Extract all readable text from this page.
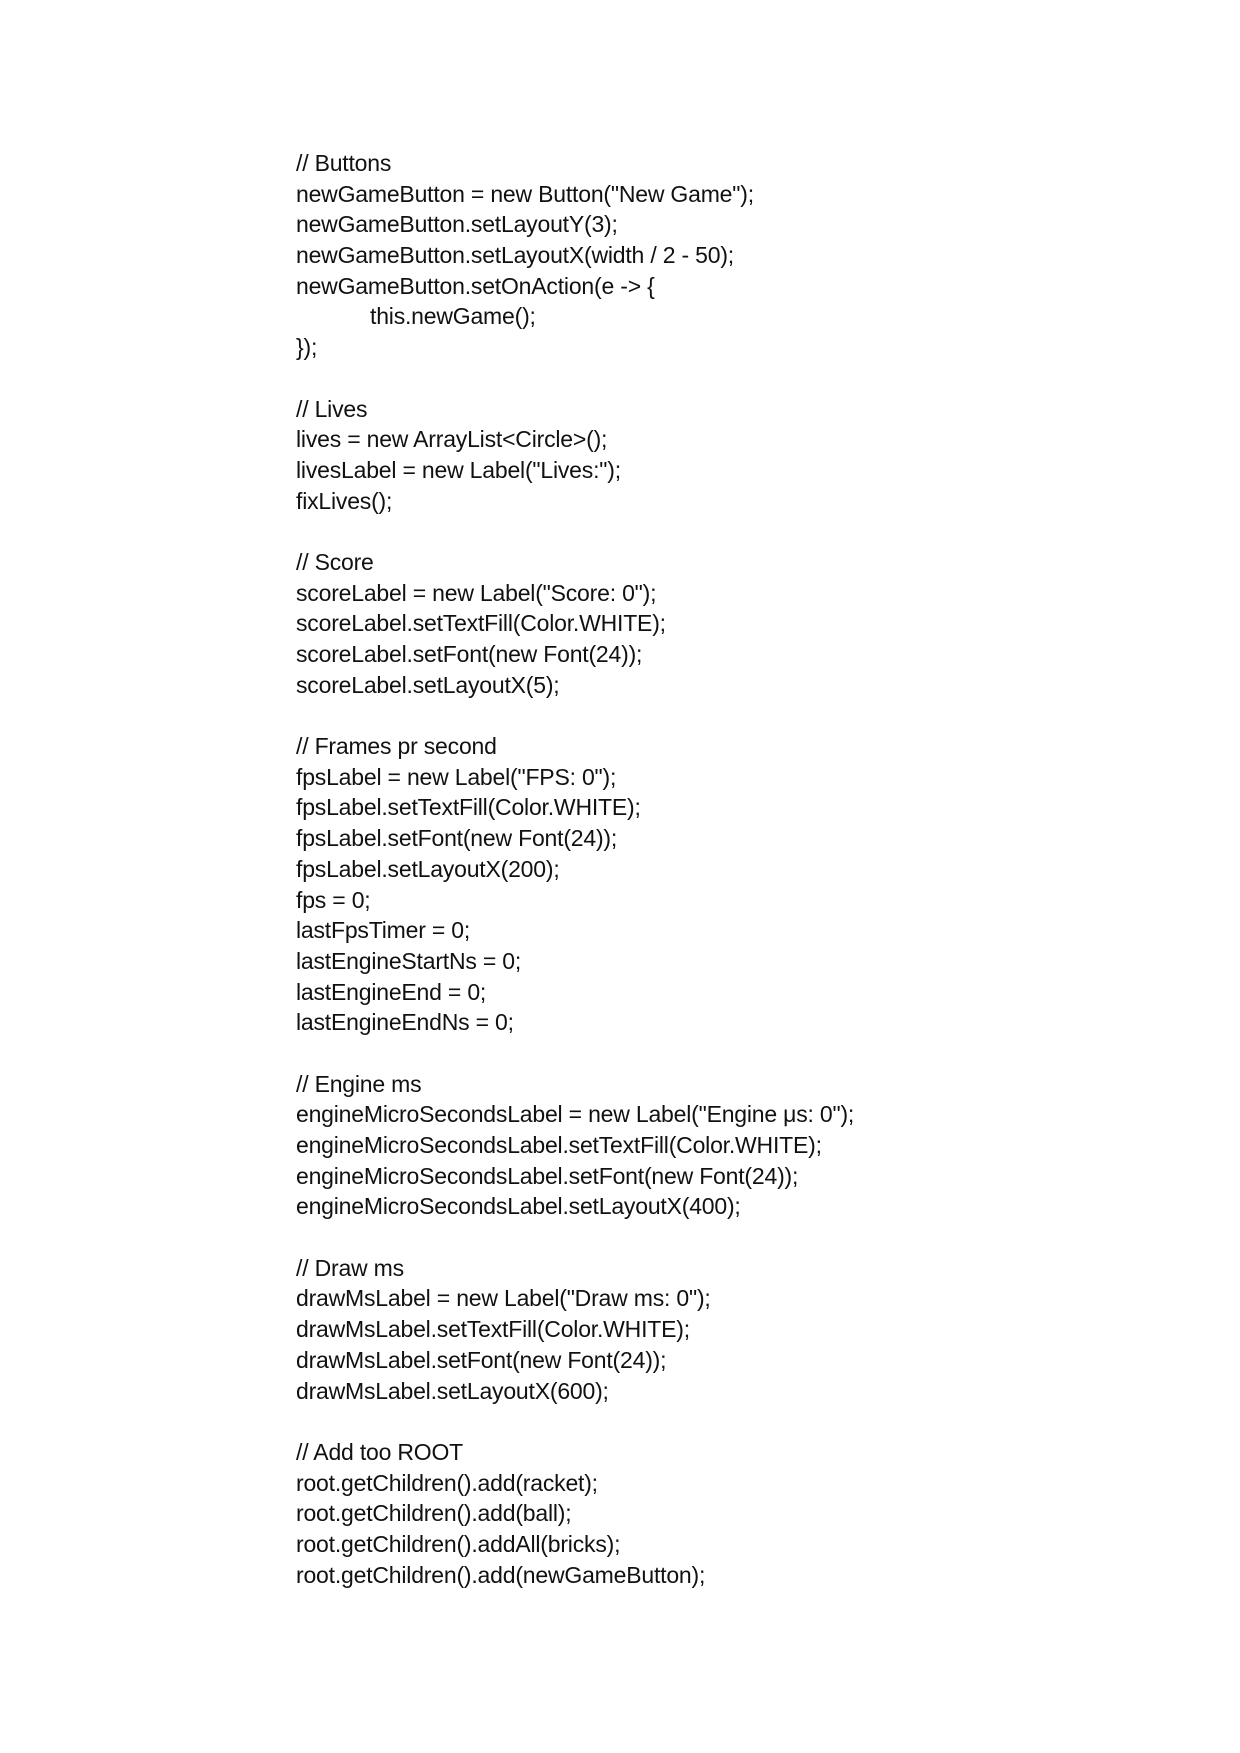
// Buttons
newGameButton = new Button("New Game");
newGameButton.setLayoutY(3);
newGameButton.setLayoutX(width / 2 - 50);
newGameButton.setOnAction(e -> {
this.newGame();
});
// Lives
lives = new ArrayList<Circle>();
livesLabel = new Label("Lives:");
fixLives();
// Score
scoreLabel = new Label("Score: 0");
scoreLabel.setTextFill(Color.WHITE);
scoreLabel.setFont(new Font(24));
scoreLabel.setLayoutX(5);
// Frames pr second
fpsLabel = new Label("FPS: 0");
fpsLabel.setTextFill(Color.WHITE);
fpsLabel.setFont(new Font(24));
fpsLabel.setLayoutX(200);
fps = 0;
lastFpsTimer = 0;
lastEngineStartNs = 0;
lastEngineEnd = 0;
lastEngineEndNs = 0;
// Engine ms
engineMicroSecondsLabel = new Label("Engine μs: 0");
engineMicroSecondsLabel.setTextFill(Color.WHITE);
engineMicroSecondsLabel.setFont(new Font(24));
engineMicroSecondsLabel.setLayoutX(400);
// Draw ms
drawMsLabel = new Label("Draw ms: 0");
drawMsLabel.setTextFill(Color.WHITE);
drawMsLabel.setFont(new Font(24));
drawMsLabel.setLayoutX(600);
// Add too ROOT
root.getChildren().add(racket);
root.getChildren().add(ball);
root.getChildren().addAll(bricks);
root.getChildren().add(newGameButton);
